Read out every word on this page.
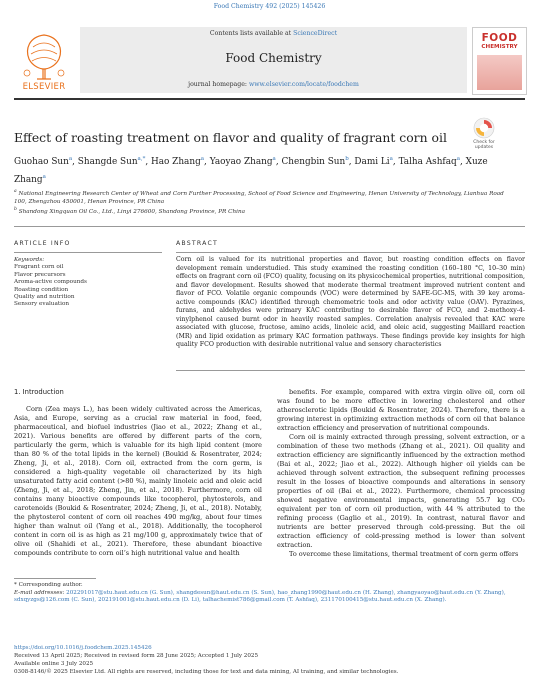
Food Chemistry 492 (2025) 145426
ELSEVIER
Contents lists available at ScienceDirect
Food Chemistry
journal homepage: www.elsevier.com/locate/foodchem
FOOD
CHEMISTRY
Effect of roasting treatment on flavor and quality of fragrant corn oil	Check for updates
Guohao Sun$^a$, Shangde Sun$^{a,*}$, Hao Zhang$^a$, Yaoyao Zhang$^a$, Chengbin Sun$^b$, Dami Li$^a$, Talha Ashfaq$^a$, Xuze Zhang$^a$
$^a$ National Engineering Research Center of Wheat and Corn Further Processing, School of Food Science and Engineering, Henan University of Technology, Lianhua Road 100, Zhengzhou 450001, Henan Province, PR China
$^b$ Shandong Xingquan Oil Co., Ltd., Linyi 276600, Shandong Province, PR China
ARTICLE INFO	ABSTRACT
Keywords:
Fragrant corn oil
Flavor precursors
Aroma-active compounds
Roasting condition
Quality and nutrition
Sensory evaluation
Corn oil is valued for its nutritional properties and flavor, but roasting condition effects on flavor development remain understudied. This study examined the roasting condition (160–180 °C, 10–30 min) effects on fragrant corn oil (FCO) quality, focusing on its physicochemical properties, nutritional composition, and flavor development. Results showed that moderate thermal treatment improved nutrient content and flavor of FCO. Volatile organic compounds (VOC) were determined by SAFE-GC-MS, with 39 key aroma-active compounds (KAC) identified through chemometric tools and odor activity value (OAV). Pyrazines, furans, and aldehydes were primary KAC contributing to desirable flavor of FCO, and 2-methoxy-4-vinylphenol caused burnt odor in heavily roasted samples. Correlation analysis revealed that KAC were associated with glucose, fructose, amino acids, linoleic acid, and oleic acid, suggesting Maillard reaction (MR) and lipid oxidation as primary KAC formation pathways. These findings provide key insights for high quality FCO production with desirable nutritional value and sensory characteristics
1. Introduction

Corn (Zea mays L.), has been widely cultivated across the Americas, Asia, and Europe, serving as a crucial raw material in food, feed, pharmaceutical, and biofuel industries (Jiao et al., 2022; Zhang et al., 2021). Various benefits are offered by different parts of the corn, particularly the germ, which is valuable for its high lipid content (more than 80 % of the total lipids in the kernel) (Boukid & Rosentrater, 2024; Zheng, Ji, et al., 2018). Corn oil, extracted from the corn germ, is considered a high-quality vegetable oil characterized by its high unsaturated fatty acid content (>80 %), mainly linoleic acid and oleic acid (Zheng, Ji, et al., 2018; Zheng, Jin, et al., 2018). Furthermore, corn oil contains many bioactive compounds like tocopherol, phytosterols, and carotenoids (Boukid & Rosentrater, 2024; Zheng, Ji, et al., 2018). Notably, the phytosterol content of corn oil reaches 490 mg/kg, about four times higher than walnut oil (Yang et al., 2018). Additionally, the tocopherol content in corn oil is as high as 21 mg/100 g, approximately twice that of olive oil (Shahidi et al., 2021). Therefore, these abundant bioactive compounds contribute to corn oil’s high nutritional value and health

benefits. For example, compared with extra virgin olive oil, corn oil was found to be more effective in lowering cholesterol and other atherosclerotic lipids (Boukid & Rosentrater, 2024). Therefore, there is a growing interest in optimizing extraction methods of corn oil that balance extraction efficiency and preservation of nutritional compounds.

Corn oil is mainly extracted through pressing, solvent extraction, or a combination of these two methods (Zhang et al., 2021). Oil quality and extraction efficiency are significantly influenced by the extraction method (Bai et al., 2022; Jiao et al., 2022). Although higher oil yields can be achieved through solvent extraction, the subsequent refining processes result in the losses of bioactive compounds and alterations in sensory properties of oil (Bai et al., 2022). Furthermore, chemical processing showed negative environmental impacts, generating 55.7 kg CO₂ equivalent per ton of corn oil production, with 44 % attributed to the refining process (Gaglio et al., 2019). In contrast, natural flavor and nutrients are better preserved through cold-pressing. But the oil extraction efficiency of cold-pressing method is lower than solvent extraction.

To overcome these limitations, thermal treatment of corn germ offers

* Corresponding author.
E-mail addresses: 202291017@stu.haut.edu.cn (G. Sun), shangdesun@haut.edu.cn (S. Sun), hao_zhang1990@haut.edu.cn (H. Zhang), zhangyaoyao@haut.edu.cn (Y. Zhang), sdxqyzgs@126.com (C. Sun), 202191001@stu.haut.edu.cn (D. Li), talhachemist786@gmail.com (T. Ashfaq), 231170100415@stu.haut.edu.cn (X. Zhang).
https://doi.org/10.1016/j.foodchem.2025.145426
Received 13 April 2025; Received in revised form 28 June 2025; Accepted 1 July 2025
Available online 3 July 2025
0308-8146/© 2025 Elsevier Ltd. All rights are reserved, including those for text and data mining, AI training, and similar technologies.
